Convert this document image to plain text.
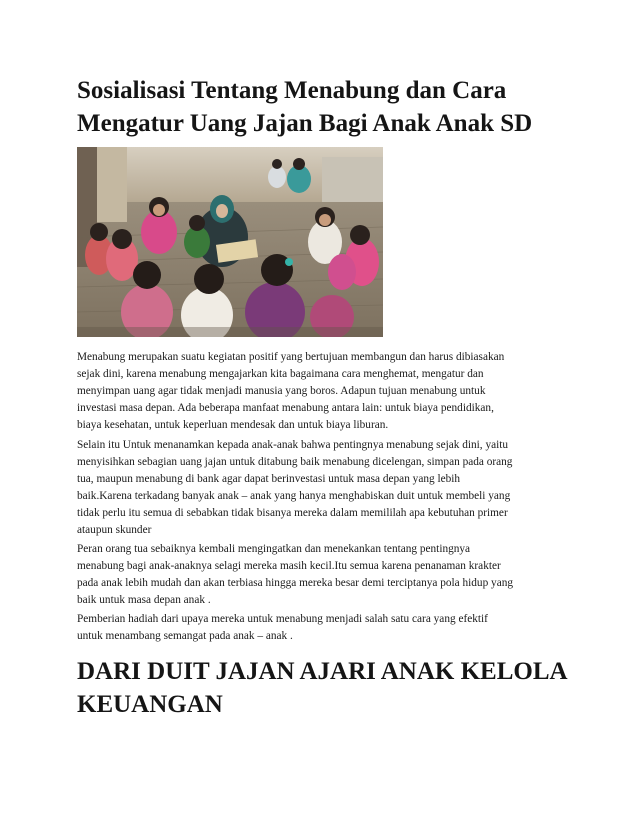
Sosialisasi Tentang Menabung dan Cara
Mengatur Uang Jajan Bagi Anak Anak SD

Menabung merupakan suatu kegiatan positif yang bertujuan membangun dan harus dibiasakan
sejak dini, karena menabung mengajarkan kita bagaimana cara menghemat, mengatur dan
menyimpan uang agar tidak menjadi manusia yang boros. Adapun tujuan menabung untuk
investasi masa depan. Ada beberapa manfaat menabung antara lain: untuk biaya pendidikan,
biaya kesehatan, untuk keperluan mendesak dan untuk biaya liburan.

Selain itu Untuk menanamkan kepada anak-anak bahwa pentingnya menabung sejak dini, yaitu
menyisihkan sebagian uang jajan untuk ditabung baik menabung dicelengan, simpan pada orang
tua, maupun menabung di bank agar dapat berinvestasi untuk masa depan yang lebih
baik.Karena terkadang banyak anak – anak yang hanya menghabiskan duit untuk membeli yang
tidak perlu itu semua di sebabkan tidak bisanya mereka dalam memililah apa kebutuhan primer
ataupun skunder

Peran orang tua sebaiknya kembali mengingatkan dan menekankan tentang pentingnya
menabung bagi anak-anaknya selagi mereka masih kecil.Itu semua karena penanaman krakter
pada anak lebih mudah dan akan terbiasa hingga mereka besar demi terciptanya pola hidup yang
baik untuk masa depan anak .

Pemberian hadiah dari upaya mereka untuk menabung menjadi salah satu cara yang efektif
untuk menambang semangat pada anak – anak .

DARI DUIT JAJAN AJARI ANAK KELOLA
KEUANGAN
